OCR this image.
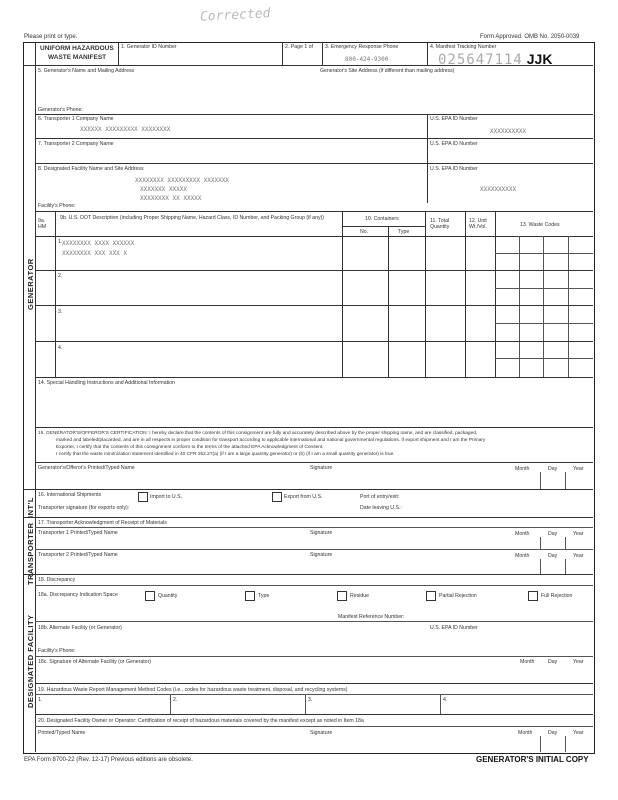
Corrected
Please print or type.	Form Approved. OMB No. 2050-0039
GENERATOR
INT'L
TRANSPORTER
DESIGNATED FACILITY
UNIFORM HAZARDOUS
WASTE MANIFEST
1. Generator ID Number	2. Page 1 of 3. Emergency Response Phone
800-424-9300
4. Manifest Tracking Number
025647114 JJK
5. Generator's Name and Mailing Address	Generator's Site Address (if different than mailing address)
Generator's Phone:
6. Transporter 1 Company Name
XXXXXX XXXXXXXXX XXXXXXXX
U.S. EPA ID Number
XXXXXXXXXX
7. Transporter 2 Company Name	U.S. EPA ID Number
8. Designated Facility Name and Site Address
XXXXXXXX XXXXXXXXX XXXXXXX
XXXXXXX XXXXX
XXXXXXXX XX XXXXX
U.S. EPA ID Number
XXXXXXXXXX
Facility's Phone:
9a. HM
9b. U.S. DOT Description (including Proper Shipping Name, Hazard Class, ID Number, and Packing Group (if any))	10. Containers
No.	Type
11. Total Quantity
12. Unit Wt./Vol.	13. Waste Codes
1. XXXXXXXX XXXX XXXXXX
XXXXXXXX XXX XXX X
2.
3.
4.
14. Special Handling Instructions and Additional Information
15. GENERATOR'S/OFFEROR'S CERTIFICATION: I hereby declare that the contents of this consignment are fully and accurately described above by the proper shipping name, and are classified, packaged,
marked and labeled/placarded, and are in all respects in proper condition for transport according to applicable international and national governmental regulations. If export shipment and I am the Primary
Exporter, I certify that the contents of this consignment conform to the terms of the attached EPA Acknowledgment of Consent.
I certify that the waste minimization statement identified in 40 CFR 262.27(a) (if I am a large quantity generator) or (b) (if I am a small quantity generator) is true.
Generator's/Offeror's Printed/Typed Name	Signature	Month	Day	Year
16. International Shipments	Import to U.S.	Export from U.S.	Port of entry/exit:
Transporter signature (for exports only):	Date leaving U.S.:
17. Transporter Acknowledgment of Receipt of Materials
Transporter 1 Printed/Typed Name	Signature	Month	Day	Year
Transporter 2 Printed/Typed Name	Signature	Month	Day	Year
18. Discrepancy
18a. Discrepancy Indication Space	Quantity	Type	Residue	Partial Rejection	Full Rejection
Manifest Reference Number:
18b. Alternate Facility (or Generator)	U.S. EPA ID Number
Facility's Phone:
18c. Signature of Alternate Facility (or Generator)	Month	Day	Year
19. Hazardous Waste Report Management Method Codes (i.e., codes for hazardous waste treatment, disposal, and recycling systems)
1.	2.	3.	4.
20. Designated Facility Owner or Operator: Certification of receipt of hazardous materials covered by the manifest except as noted in Item 18a
Printed/Typed Name	Signature	Month	Day	Year
EPA Form 8700-22 (Rev. 12-17) Previous editions are obsolete.	GENERATOR'S INITIAL COPY
